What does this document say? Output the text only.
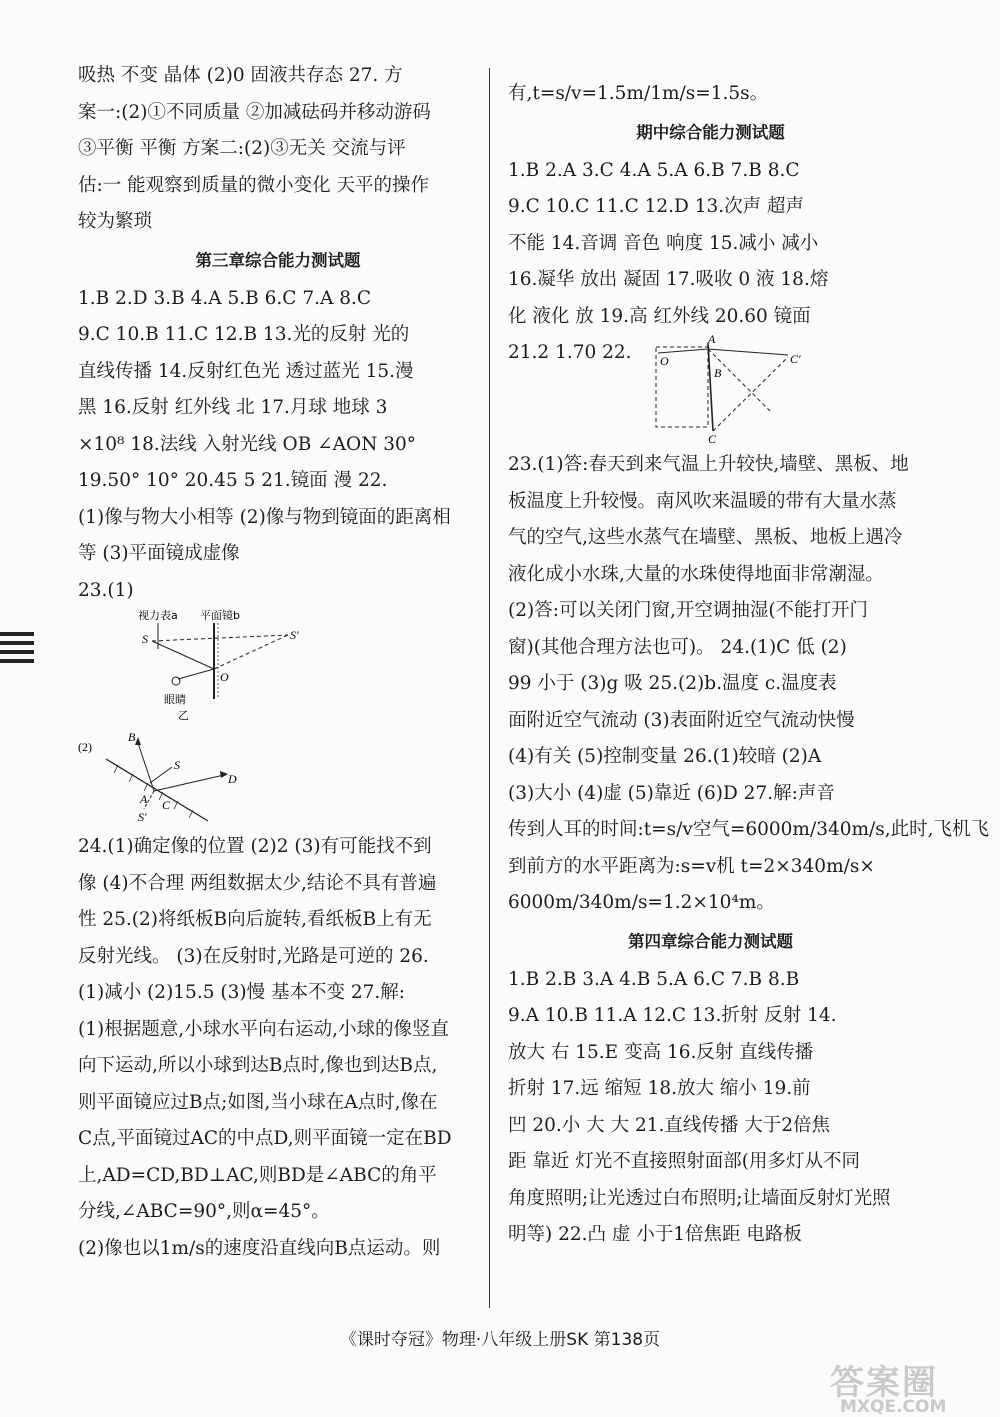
吸热 不变 晶体 (2)0 固液共存态 27. 方
案一:(2)①不同质量 ②加减砝码并移动游码
③平衡 平衡 方案二:(2)③无关 交流与评
估:一 能观察到质量的微小变化 天平的操作
较为繁琐
第三章综合能力测试题
1.B 2.D 3.B 4.A 5.B 6.C 7.A 8.C
9.C 10.B 11.C 12.B 13.光的反射 光的
直线传播 14.反射红色光 透过蓝光 15.漫
黑 16.反射 红外线 北 17.月球 地球 3
×10⁸ 18.法线 入射光线 OB ∠AON 30°
19.50° 10° 20.45 5 21.镜面 漫 22.
(1)像与物大小相等 (2)像与物到镜面的距离相
等 (3)平面镜成虚像
23.(1)
视力表a 平面镜b
S	S′
O
眼睛
乙
(2)
B
S
A C
D
S′
24.(1)确定像的位置 (2)2 (3)有可能找不到
像 (4)不合理 两组数据太少,结论不具有普遍
性 25.(2)将纸板B向后旋转,看纸板B上有无
反射光线。 (3)在反射时,光路是可逆的 26.
(1)减小 (2)15.5 (3)慢 基本不变 27.解:
(1)根据题意,小球水平向右运动,小球的像竖直
向下运动,所以小球到达B点时,像也到达B点,
则平面镜应过B点;如图,当小球在A点时,像在
C点,平面镜过AC的中点D,则平面镜一定在BD
上,AD=CD,BD⊥AC,则BD是∠ABC的角平
分线,∠ABC=90°,则α=45°。
(2)像也以1m/s的速度沿直线向B点运动。则
有,t=s/v=1.5m/1m/s=1.5s。
期中综合能力测试题
1.B 2.A 3.C 4.A 5.A 6.B 7.B 8.C
9.C 10.C 11.C 12.D 13.次声 超声
不能 14.音调 音色 响度 15.减小 减小
16.凝华 放出 凝固 17.吸收 0 液 18.熔
化 液化 放 19.高 红外线 20.60 镜面
21.2 1.70 22.
A
O
B
C
C′
23.(1)答:春天到来气温上升较快,墙壁、黑板、地
板温度上升较慢。南风吹来温暖的带有大量水蒸
气的空气,这些水蒸气在墙壁、黑板、地板上遇冷
液化成小水珠,大量的水珠使得地面非常潮湿。
(2)答:可以关闭门窗,开空调抽湿(不能打开门
窗)(其他合理方法也可)。 24.(1)C 低 (2)
99 小于 (3)g 吸 25.(2)b.温度 c.温度表
面附近空气流动 (3)表面附近空气流动快慢
(4)有关 (5)控制变量 26.(1)较暗 (2)A
(3)大小 (4)虚 (5)靠近 (6)D 27.解:声音
传到人耳的时间:t=s/v空气=6000m/340m/s,此时,飞机飞
到前方的水平距离为:s=v机 t=2×340m/s×
6000m/340m/s=1.2×10⁴m。
第四章综合能力测试题
1.B 2.B 3.A 4.B 5.A 6.C 7.B 8.B
9.A 10.B 11.A 12.C 13.折射 反射 14.
放大 右 15.E 变高 16.反射 直线传播
折射 17.远 缩短 18.放大 缩小 19.前
凹 20.小 大 大 21.直线传播 大于2倍焦
距 靠近 灯光不直接照射面部(用多灯从不同
角度照明;让光透过白布照明;让墙面反射灯光照
明等) 22.凸 虚 小于1倍焦距 电路板
《课时夺冠》物理·八年级上册SK 第138页
答案圈
MXQE.COM
